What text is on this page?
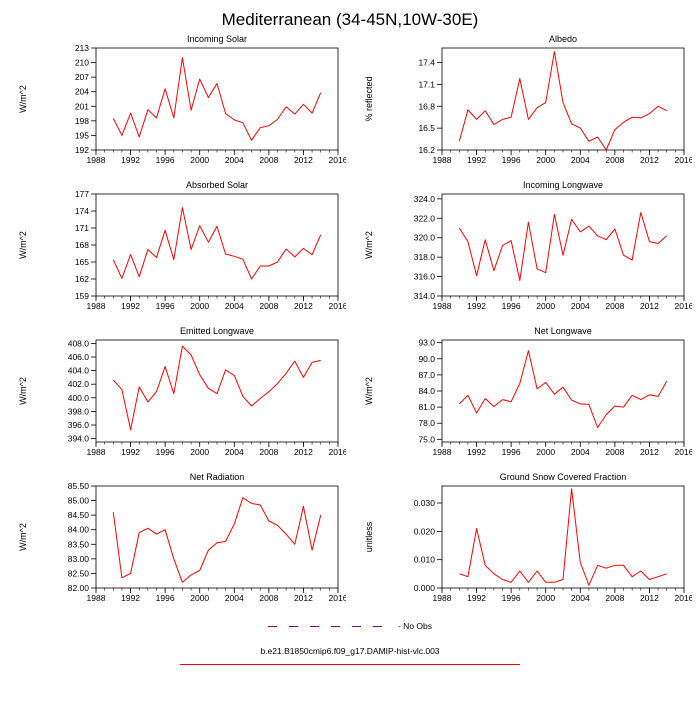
Mediterranean (34-45N,10W-30E)
Incoming Solar
W/m^2
1988 1992 1996 2000 2004 2008 2012 2016
192
195
198
201
204
207
210
213
Albedo
% reflected
1988 1992 1996 2000 2004 2008 2012 2016
16.2
16.5
16.8
17.1
17.4
Absorbed Solar
W/m^2
1988 1992 1996 2000 2004 2008 2012 2016
159
162
165
168
171
174
177
Incoming Longwave
W/m^2
1988 1992 1996 2000 2004 2008 2012 2016
314.0
316.0
318.0
320.0
322.0
324.0
Emitted Longwave
W/m^2
1988 1992 1996 2000 2004 2008 2012 2016
394.0
396.0
398.0
400.0
402.0
404.0
406.0
408.0
Net Longwave
W/m^2
1988 1992 1996 2000 2004 2008 2012 2016
75.0
78.0
81.0
84.0
87.0
90.0
93.0
Net Radiation
W/m^2
1988 1992 1996 2000 2004 2008 2012 2016
82.00
82.50
83.00
83.50
84.00
84.50
85.00
85.50
Ground Snow Covered Fraction
unitless
1988 1992 1996 2000 2004 2008 2012 2016
0.000
0.010
0.020
0.030
- No Obs
b.e21.B1850cmip6.f09_g17.DAMIP-hist-vlc.003
